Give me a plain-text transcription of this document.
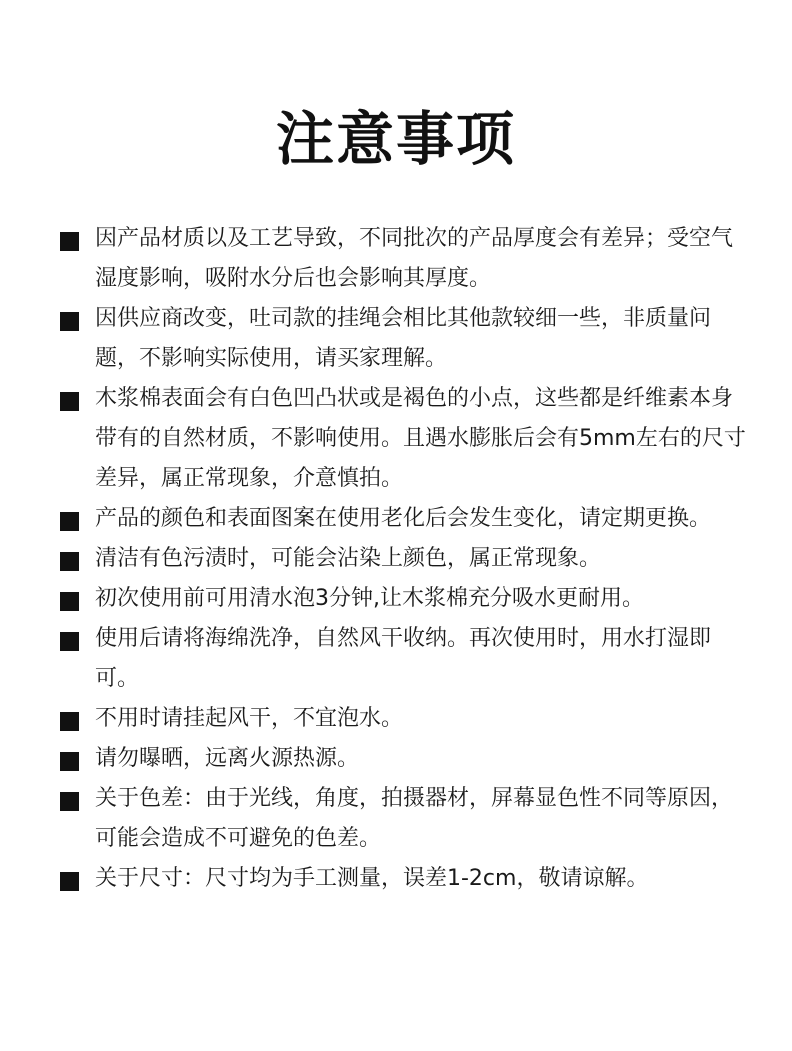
注意事项
因产品材质以及工艺导致，不同批次的产品厚度会有差异；受空气湿度影响，吸附水分后也会影响其厚度。
因供应商改变，吐司款的挂绳会相比其他款较细一些，非质量问题，不影响实际使用，请买家理解。
木浆棉表面会有白色凹凸状或是褐色的小点，这些都是纤维素本身带有的自然材质，不影响使用。且遇水膨胀后会有5mm左右的尺寸差异，属正常现象，介意慎拍。
产品的颜色和表面图案在使用老化后会发生变化，请定期更换。
清洁有色污渍时，可能会沾染上颜色，属正常现象。
初次使用前可用清水泡3分钟,让木浆棉充分吸水更耐用。
使用后请将海绵洗净，自然风干收纳。再次使用时，用水打湿即可。
不用时请挂起风干，不宜泡水。
请勿曝晒，远离火源热源。
关于色差：由于光线，角度，拍摄器材，屏幕显色性不同等原因，可能会造成不可避免的色差。
关于尺寸：尺寸均为手工测量，误差1-2cm，敬请谅解。
